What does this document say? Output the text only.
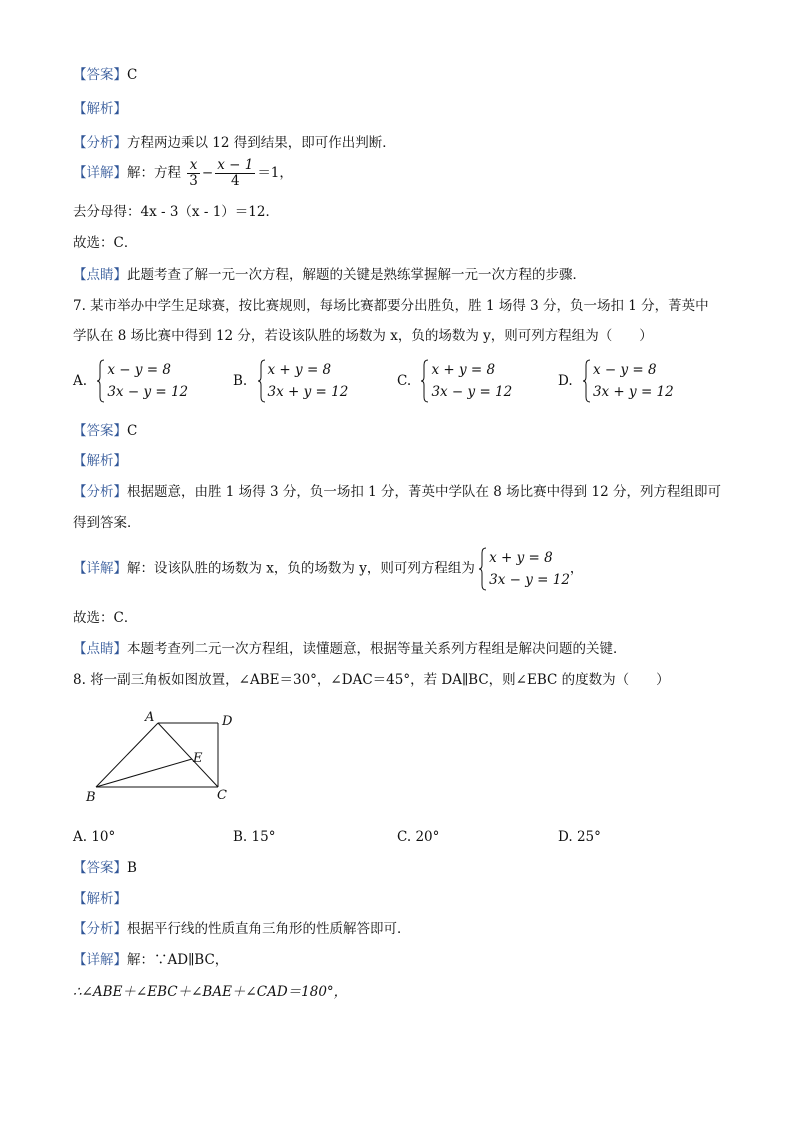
【答案】C
【解析】
【分析】方程两边乘以 12 得到结果，即可作出判断．
【详解】解：方程 $\frac{x}{3} - \frac{x - 1}{4} =1$，
去分母得：4x - 3（x - 1）＝12．
故选：C．
【点睛】此题考查了解一元一次方程，解题的关键是熟练掌握解一元一次方程的步骤．
7. 某市举办中学生足球赛，按比赛规则，每场比赛都要分出胜负，胜 1 场得 3 分，负一场扣 1 分，菁英中
学队在 8 场比赛中得到 12 分，若设该队胜的场数为 x，负的场数为 y，则可列方程组为（　　）
A.
x − y = 8
3x − y = 12
B.
x + y = 8
3x + y = 12
C.
x + y = 8
3x − y = 12
D.
x − y = 8
3x + y = 12
【答案】C
【解析】
【分析】根据题意，由胜 1 场得 3 分，负一场扣 1 分，菁英中学队在 8 场比赛中得到 12 分，列方程组即可
得到答案．
【详解】解：设该队胜的场数为 x，负的场数为 y，则可列方程组为
x + y = 8
3x − y = 12
，
故选：C．
【点睛】本题考查列二元一次方程组，读懂题意，根据等量关系列方程组是解决问题的关键．
8. 将一副三角板如图放置，∠ABE＝30°，∠DAC＝45°，若 DA∥BC，则∠EBC 的度数为（　　）
A	D
E
B	C
A. 10°	B. 15°	C. 20°	D. 25°
【答案】B
【解析】
【分析】根据平行线的性质直角三角形的性质解答即可．
【详解】解：∵AD∥BC，
∴∠ABE＋∠EBC＋∠BAE＋∠CAD＝180°，
